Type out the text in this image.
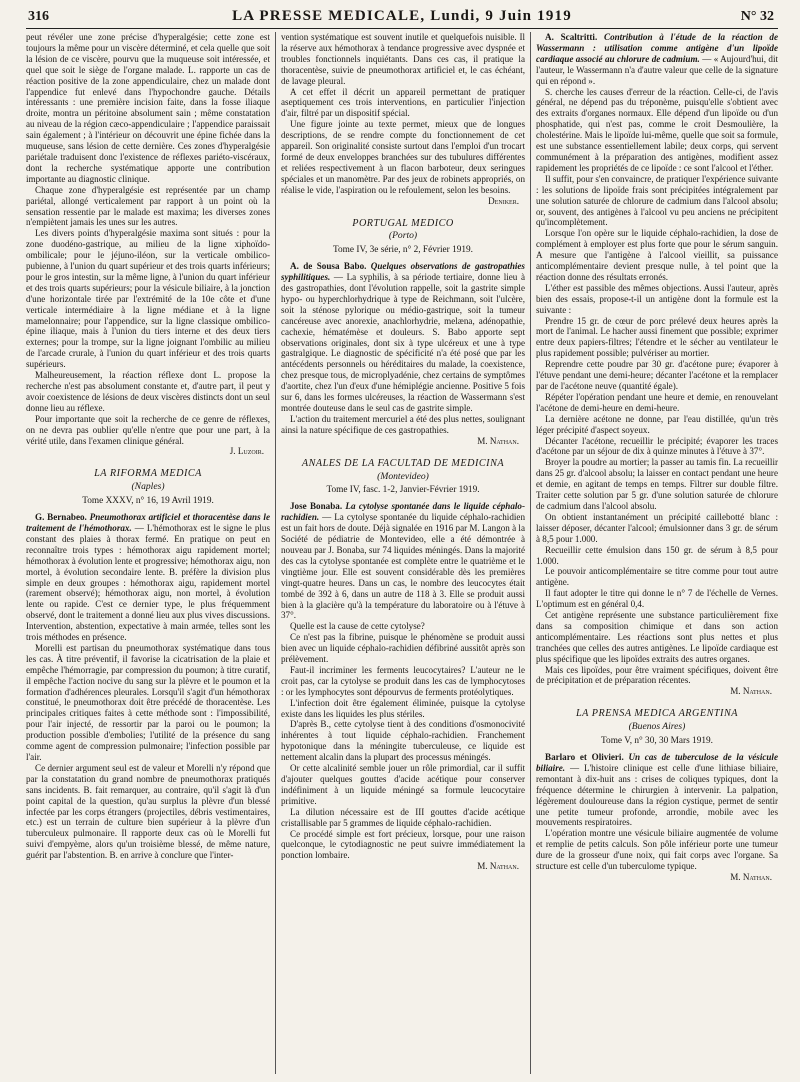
316	LA PRESSE MEDICALE, Lundi, 9 Juin 1919	N° 32

peut révéler une zone précise d'hyperalgésie; cette zone est toujours la même pour un viscère déterminé, et cela quelle que soit la lésion de ce viscère, pourvu que la muqueuse soit intéressée, et quel que soit le siège de l'organe malade. L. rapporte un cas de réaction positive de la zone appendiculaire, chez un malade dont l'appendice fut enlevé dans l'hypochondre gauche. Détails intéressants : une première incision faite, dans la fosse iliaque droite, montra un péritoine absolument sain ; même constatation au niveau de la région cæco-appendiculaire ; l'appendice paraissait sain également ; à l'intérieur on découvrit une épine fichée dans la muqueuse, sans lésion de cette dernière. Ces zones d'hyperalgésie pariétale traduisent donc l'existence de réflexes pariéto-viscéraux, dont la recherche systématique apporte une contribution importante au diagnostic clinique.

Chaque zone d'hyperalgésie est représentée par un champ pariétal, allongé verticalement par rapport à un point où la sensation ressentie par le malade est maxima; les diverses zones n'empiètent jamais les unes sur les autres.

Les divers points d'hyperalgésie maxima sont situés : pour la zone duodéno-gastrique, au milieu de la ligne xiphoïdo-ombilicale; pour le jéjuno-iléon, sur la verticale ombilico-pubienne, à l'union du quart supérieur et des trois quarts inférieurs; pour le gros intestin, sur la même ligne, à l'union du quart inférieur et des trois quarts supérieurs; pour la vésicule biliaire, à la jonction d'une horizontale tirée par l'extrémité de la 10e côte et d'une verticale intermédiaire à la ligne médiane et à la ligne mamelonnaire; pour l'appendice, sur la ligne classique ombilico-épine iliaque, mais à l'union du tiers interne et des deux tiers externes; pour la trompe, sur la ligne joignant l'ombilic au milieu de l'arcade crurale, à l'union du quart inférieur et des trois quarts supérieurs.

Malheureusement, la réaction réflexe dont L. propose la recherche n'est pas absolument constante et, d'autre part, il peut y avoir coexistence de lésions de deux viscères distincts dont un seul donne lieu au réflexe.

Pour importante que soit la recherche de ce genre de réflexes, on ne devra pas oublier qu'elle n'entre que pour une part, à la vérité utile, dans l'examen clinique général.

J. Luzoir.

LA RIFORMA MEDICA
(Naples)
Tome XXXV, n° 16, 19 Avril 1919.

G. Bernabeo. Pneumothorax artificiel et thoracentèse dans le traitement de l'hémothorax. — L'hémothorax est le signe le plus constant des plaies à thorax fermé. En pratique on peut en reconnaître trois types : hémothorax aigu rapidement mortel; hémothorax à évolution lente et progressive; hémothorax aigu, non mortel, à évolution secondaire lente. B. préfère la division plus simple en deux groupes : hémothorax aigu, rapidement mortel (rarement observé); hémothorax aigu, non mortel, à évolution lente ou rapide. C'est ce dernier type, le plus fréquemment observé, dont le traitement a donné lieu aux plus vives discussions. Intervention, abstention, expectative à main armée, telles sont les trois méthodes en présence.

Morelli est partisan du pneumothorax systématique dans tous les cas. À titre préventif, il favorise la cicatrisation de la plaie et empêche l'hémorragie, par compression du poumon; à titre curatif, il empêche l'action nocive du sang sur la plèvre et le poumon et la formation d'adhérences pleurales. Lorsqu'il s'agit d'un hémothorax constitué, le pneumothorax doit être précédé de thoracentèse. Les principales critiques faites à cette méthode sont : l'impossibilité, pour l'air injecté, de ressortir par la paroi ou le poumon; la production possible d'embolies; l'utilité de la présence du sang comme agent de compression pulmonaire; l'infection possible par l'air.

Ce dernier argument seul est de valeur et Morelli n'y répond que par la constatation du grand nombre de pneumothorax pratiqués sans incidents. B. fait remarquer, au contraire, qu'il s'agit là d'un point capital de la question, qu'au surplus la plèvre d'un blessé infectée par les corps étrangers (projectiles, débris vestimentaires, etc.) est un terrain de culture bien supérieur à la plèvre d'un tuberculeux pulmonaire. Il rapporte deux cas où le Morelli fut suivi d'empyème, alors qu'un troisième blessé, de même nature, guérit par l'abstention. B. en arrive à conclure que l'inter-

vention systématique est souvent inutile et quelquefois nuisible. Il la réserve aux hémothorax à tendance progressive avec dyspnée et troubles fonctionnels inquiétants. Dans ces cas, il pratique la thoracentèse, suivie de pneumothorax artificiel et, le cas échéant, de lavage pleural.

A cet effet il décrit un appareil permettant de pratiquer aseptiquement ces trois interventions, en particulier l'injection d'air, filtré par un dispositif spécial.

Une figure jointe au texte permet, mieux que de longues descriptions, de se rendre compte du fonctionnement de cet appareil. Son originalité consiste surtout dans l'emploi d'un trocart formé de deux enveloppes branchées sur des tubulures différentes et reliées respectivement à un flacon barboteur, deux seringues spéciales et un manomètre. Par des jeux de robinets appropriés, on réalise le vide, l'aspiration ou le refoulement, selon les besoins.

Deniker.

PORTUGAL MEDICO
(Porto)
Tome IV, 3e série, n° 2, Février 1919.

A. de Sousa Babo. Quelques observations de gastropathies syphilitiques. — La syphilis, à sa période tertiaire, donne lieu à des gastropathies, dont l'évolution rappelle, soit la gastrite simple hypo- ou hyperchlorhydrique à type de Reichmann, soit l'ulcère, soit la sténose pylorique ou médio-gastrique, soit la tumeur cancéreuse avec anorexie, anachlorhydrie, melæna, adénopathie, cachexie, hématémèse et douleurs. S. Babo apporte sept observations originales, dont six à type ulcéreux et une à type gastralgique. Le diagnostic de spécificité n'a été posé que par les antécédents personnels ou héréditaires du malade, la coexistence, chez presque tous, de microplyadénie, chez certains de symptômes d'aortite, chez l'un d'eux d'une hémiplégie ancienne. Positive 5 fois sur 6, dans les formes ulcéreuses, la réaction de Wassermann s'est montrée douteuse dans le seul cas de gastrite simple.

L'action du traitement mercuriel a été des plus nettes, soulignant ainsi la nature spécifique de ces gastropathies.

M. Nathan.

ANALES DE LA FACULTAD DE MEDICINA
(Montevideo)
Tome IV, fasc. 1-2, Janvier-Février 1919.

Jose Bonaba. La cytolyse spontanée dans le liquide céphalo-rachidien. — La cytolyse spontanée du liquide céphalo-rachidien est un fait hors de doute. Déjà signalée en 1916 par M. Langon à la Société de pédiatrie de Montevideo, elle a été démontrée à nouveau par J. Bonaba, sur 74 liquides méningés. Dans la majorité des cas la cytolyse spontanée est complète entre le quatrième et le vingtième jour. Elle est souvent considérable dès les premières vingt-quatre heures. Dans un cas, le nombre des leucocytes était tombé de 392 à 6, dans un autre de 118 à 3. Elle se produit aussi bien à la glacière qu'à la température du laboratoire ou à l'étuve à 37°.

Quelle est la cause de cette cytolyse?

Ce n'est pas la fibrine, puisque le phénomène se produit aussi bien avec un liquide céphalo-rachidien défibriné aussitôt après son prélèvement.

Faut-il incriminer les ferments leucocytaires? L'auteur ne le croit pas, car la cytolyse se produit dans les cas de lymphocytoses : or les lymphocytes sont dépourvus de ferments protéolytiques.

L'infection doit être également éliminée, puisque la cytolyse existe dans les liquides les plus stériles.

D'après B., cette cytolyse tient à des conditions d'osmonocivité inhérentes à tout liquide céphalo-rachidien. Franchement hypotonique dans la méningite tuberculeuse, ce liquide est nettement alcalin dans la plupart des processus méningés.

Or cette alcalinité semble jouer un rôle primordial, car il suffit d'ajouter quelques gouttes d'acide acétique pour conserver indéfiniment à un liquide méningé sa formule leucocytaire primitive.

La dilution nécessaire est de III gouttes d'acide acétique cristallisable par 5 grammes de liquide céphalo-rachidien.

Ce procédé simple est fort précieux, lorsque, pour une raison quelconque, le cytodiagnostic ne peut suivre immédiatement la ponction lombaire.

M. Nathan.

A. Scaltritti. Contribution à l'étude de la réaction de Wassermann : utilisation comme antigène d'un lipoïde cardiaque associé au chlorure de cadmium. — « Aujourd'hui, dit l'auteur, le Wassermann n'a d'autre valeur que celle de la signature qui en répond ».

S. cherche les causes d'erreur de la réaction. Celle-ci, de l'avis général, ne dépend pas du tréponème, puisqu'elle s'obtient avec des extraits d'organes normaux. Elle dépend d'un lipoïde ou d'un phosphatide, qui n'est pas, comme le croit Desmoulière, la cholestérine. Mais le lipoïde lui-même, quelle que soit sa formule, est une substance essentiellement labile; deux corps, qui servent communément à la préparation des antigènes, modifient assez rapidement les propriétés de ce lipoïde : ce sont l'alcool et l'éther.

Il suffit, pour s'en convaincre, de pratiquer l'expérience suivante : les solutions de lipoïde frais sont précipitées intégralement par une solution saturée de chlorure de cadmium dans l'alcool absolu; or, souvent, des antigènes à l'alcool vu peu anciens ne précipitent qu'incomplètement.

Lorsque l'on opère sur le liquide céphalo-rachidien, la dose de complément à employer est plus forte que pour le sérum sanguin. A mesure que l'antigène à l'alcool vieillit, sa puissance anticomplémentaire devient presque nulle, à tel point que la réaction donne des résultats erronés.

L'éther est passible des mêmes objections. Aussi l'auteur, après bien des essais, propose-t-il un antigène dont la formule est la suivante :

Prendre 15 gr. de cœur de porc prélevé deux heures après la mort de l'animal. Le hacher aussi finement que possible; exprimer entre deux papiers-filtres; l'étendre et le sécher au ventilateur le plus rapidement possible; pulvériser au mortier.

Reprendre cette poudre par 30 gr. d'acétone pure; évaporer à l'étuve pendant une demi-heure; décanter l'acétone et la remplacer par de l'acétone neuve (quantité égale).

Répéter l'opération pendant une heure et demie, en renouvelant l'acétone de demi-heure en demi-heure.

La dernière acétone ne donne, par l'eau distillée, qu'un très léger précipité d'aspect soyeux.

Décanter l'acétone, recueillir le précipité; évaporer les traces d'acétone par un séjour de dix à quinze minutes à l'étuve à 37°.

Broyer la poudre au mortier; la passer au tamis fin. La recueillir dans 25 gr. d'alcool absolu; la laisser en contact pendant une heure et demie, en agitant de temps en temps. Filtrer sur double filtre. Traiter cette solution par 5 gr. d'une solution saturée de chlorure de cadmium dans l'alcool absolu.

On obtient instantanément un précipité caillebotté blanc : laisser déposer, décanter l'alcool; émulsionner dans 3 gr. de sérum à 8,5 pour 1.000.

Recueillir cette émulsion dans 150 gr. de sérum à 8,5 pour 1.000.

Le pouvoir anticomplémentaire se titre comme pour tout autre antigène.

Il faut adopter le titre qui donne le n° 7 de l'échelle de Vernes. L'optimum est en général 0,4.

Cet antigène représente une substance particulièrement fixe dans sa composition chimique et dans son action anticomplémentaire. Les réactions sont plus nettes et plus tranchées que celles des autres antigènes. Le lipoïde cardiaque est plus spécifique que les lipoïdes extraits des autres organes.

Mais ces lipoïdes, pour être vraiment spécifiques, doivent être de précipitation et de préparation récentes.

M. Nathan.

LA PRENSA MEDICA ARGENTINA
(Buenos Aires)
Tome V, n° 30, 30 Mars 1919.

Barlaro et Olivieri. Un cas de tuberculose de la vésicule biliaire. — L'histoire clinique est celle d'une lithiase biliaire, remontant à dix-huit ans : crises de coliques typiques, dont la fréquence détermine le chirurgien à intervenir. La palpation, légèrement douloureuse dans la région cystique, permet de sentir une petite tumeur profonde, arrondie, mobile avec les mouvements respiratoires.

L'opération montre une vésicule biliaire augmentée de volume et remplie de petits calculs. Son pôle inférieur porte une tumeur dure de la grosseur d'une noix, qui fait corps avec l'organe. Sa structure est celle d'un tuberculome typique.

M. Nathan.
